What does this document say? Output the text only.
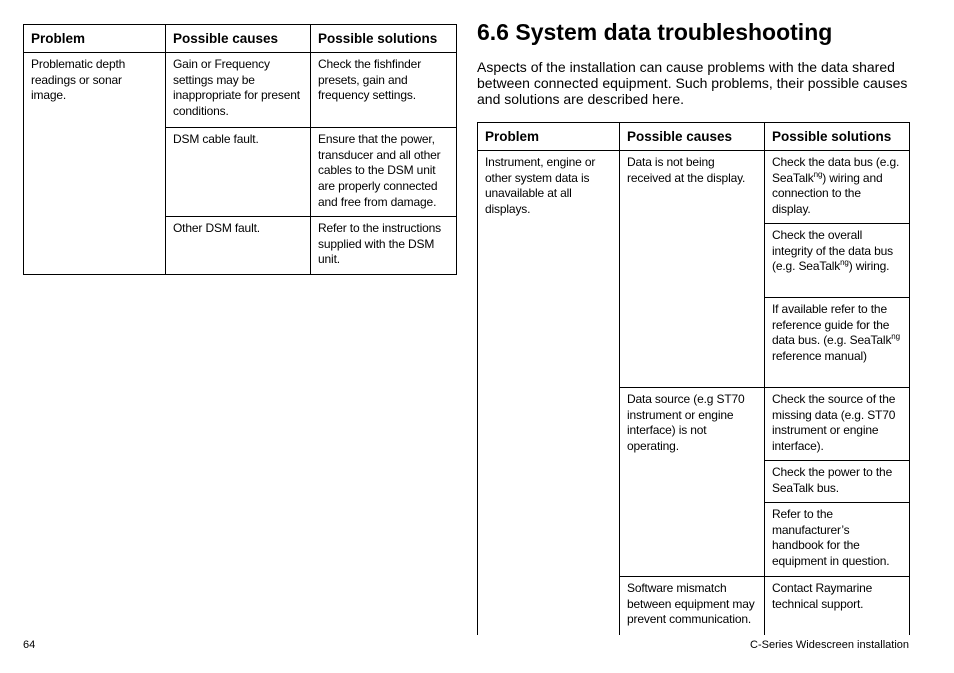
Problem	Possible causes	Possible solutions
Problematic depth readings or sonar image.	Gain or Frequency settings may be inappropriate for present conditions.	Check the fishfinder presets, gain and frequency settings.
	DSM cable fault.	Ensure that the power, transducer and all other cables to the DSM unit are properly connected and free from damage.
	Other DSM fault.	Refer to the instructions supplied with the DSM unit.
6.6 System data troubleshooting

Aspects of the installation can cause problems with the data shared between connected equipment. Such problems, their possible causes and solutions are described here.

Problem	Possible causes	Possible solutions
Instrument, engine or other system data is unavailable at all displays.	Data is not being received at the display.	Check the data bus (e.g. SeaTalk$^{ng}$) wiring and connection to the display.
		Check the overall integrity of the data bus (e.g. SeaTalk$^{ng}$) wiring.
		If available refer to the reference guide for the data bus. (e.g. SeaTalk$^{ng}$ reference manual)
	Data source (e.g ST70 instrument or engine interface) is not operating.	Check the source of the missing data (e.g. ST70 instrument or engine interface).
		Check the power to the SeaTalk bus.
		Refer to the manufacturer’s handbook for the equipment in question.
	Software mismatch between equipment may prevent communication.	Contact Raymarine technical support.
64	C-Series Widescreen installation
